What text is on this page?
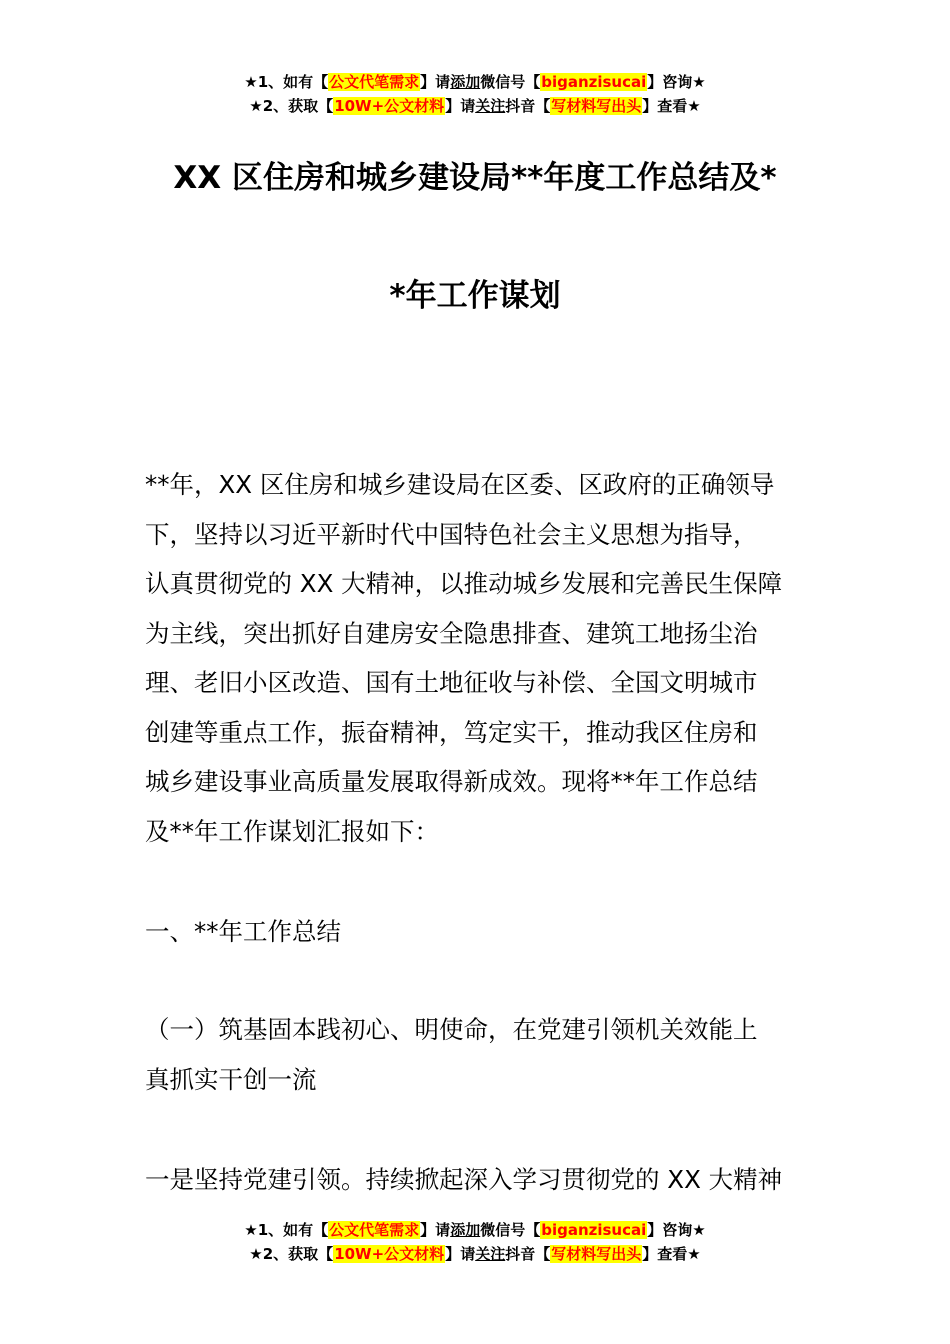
★1、如有【公文代笔需求】请添加微信号【biganzisucai】咨询★
★2、获取【10W+公文材料】请关注抖音【写材料写出头】查看★
XX 区住房和城乡建设局**年度工作总结及*
*年工作谋划
**年，XX 区住房和城乡建设局在区委、区政府的正确领导
下，坚持以习近平新时代中国特色社会主义思想为指导，
认真贯彻党的 XX 大精神，以推动城乡发展和完善民生保障
为主线，突出抓好自建房安全隐患排查、建筑工地扬尘治
理、老旧小区改造、国有土地征收与补偿、全国文明城市
创建等重点工作，振奋精神，笃定实干，推动我区住房和
城乡建设事业高质量发展取得新成效。现将**年工作总结
及**年工作谋划汇报如下：
一、**年工作总结
（一）筑基固本践初心、明使命，在党建引领机关效能上
真抓实干创一流
一是坚持党建引领。持续掀起深入学习贯彻党的 XX 大精神
★1、如有【公文代笔需求】请添加微信号【biganzisucai】咨询★
★2、获取【10W+公文材料】请关注抖音【写材料写出头】查看★
